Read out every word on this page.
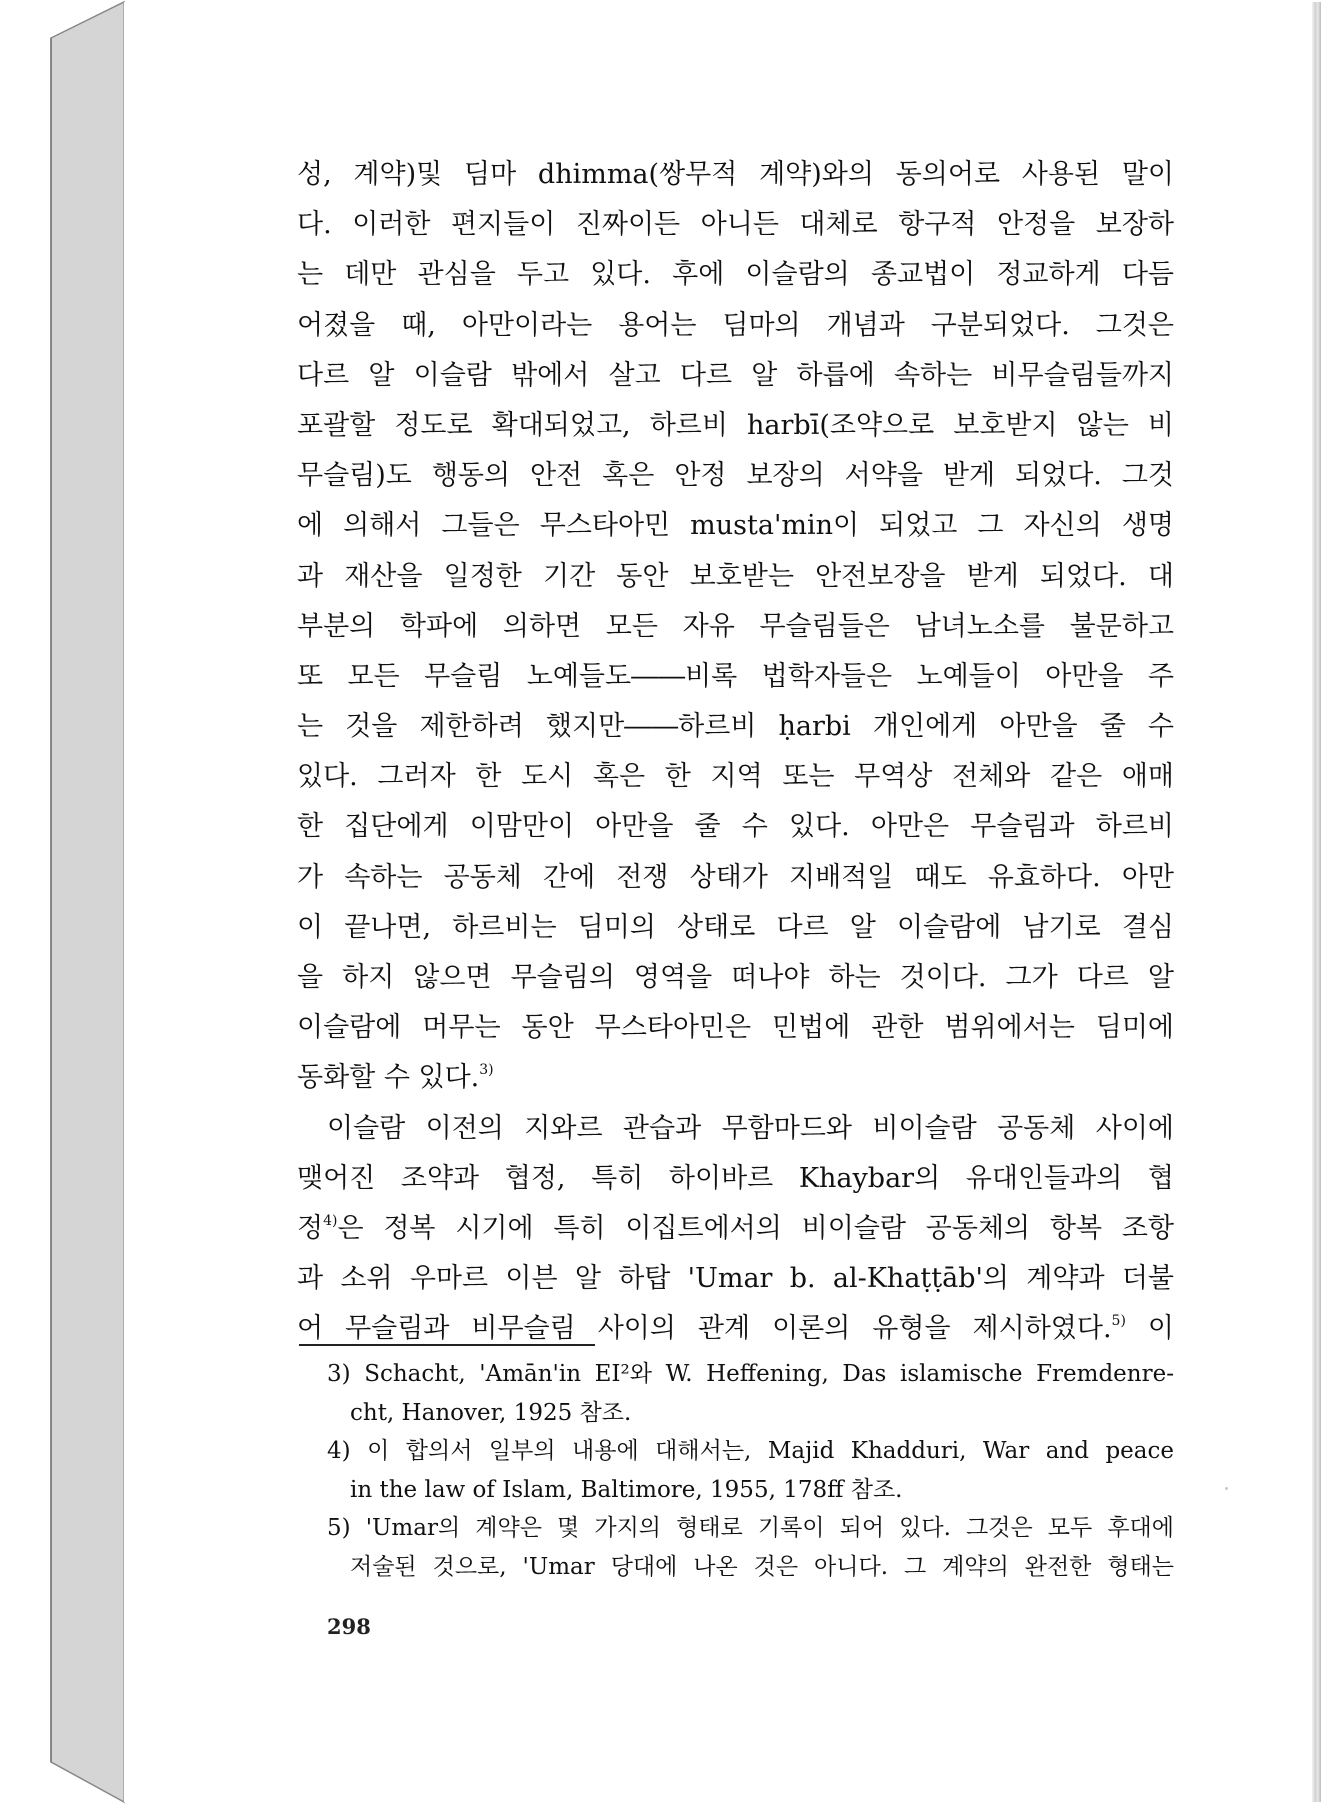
성, 계약)및 딤마 dhimma(쌍무적 계약)와의 동의어로 사용된 말이
다. 이러한 편지들이 진짜이든 아니든 대체로 항구적 안정을 보장하
는 데만 관심을 두고 있다. 후에 이슬람의 종교법이 정교하게 다듬
어졌을 때, 아만이라는 용어는 딤마의 개념과 구분되었다. 그것은
다르 알 이슬람 밖에서 살고 다르 알 하릅에 속하는 비무슬림들까지
포괄할 정도로 확대되었고, 하르비 harbī(조약으로 보호받지 않는 비
무슬림)도 행동의 안전 혹은 안정 보장의 서약을 받게 되었다. 그것
에 의해서 그들은 무스타아민 musta'min이 되었고 그 자신의 생명
과 재산을 일정한 기간 동안 보호받는 안전보장을 받게 되었다. 대
부분의 학파에 의하면 모든 자유 무슬림들은 남녀노소를 불문하고
또 모든 무슬림 노예들도――비록 법학자들은 노예들이 아만을 주
는 것을 제한하려 했지만――하르비 ḥarbi 개인에게 아만을 줄 수
있다. 그러자 한 도시 혹은 한 지역 또는 무역상 전체와 같은 애매
한 집단에게 이맘만이 아만을 줄 수 있다. 아만은 무슬림과 하르비
가 속하는 공동체 간에 전쟁 상태가 지배적일 때도 유효하다. 아만
이 끝나면, 하르비는 딤미의 상태로 다르 알 이슬람에 남기로 결심
을 하지 않으면 무슬림의 영역을 떠나야 하는 것이다. 그가 다르 알
이슬람에 머무는 동안 무스타아민은 민법에 관한 범위에서는 딤미에
동화할 수 있다.$^{3)}$
이슬람 이전의 지와르 관습과 무함마드와 비이슬람 공동체 사이에
맺어진 조약과 협정, 특히 하이바르 Khaybar의 유대인들과의 협
정$^{4)}$은 정복 시기에 특히 이집트에서의 비이슬람 공동체의 항복 조항
과 소위 우마르 이븐 알 하탑 'Umar b. al-Khaṭṭāb'의 계약과 더불
어 무슬림과 비무슬림 사이의 관계 이론의 유형을 제시하였다.$^{5)}$ 이
3) Schacht, 'Amān'in EI²와 W. Heffening, Das islamische Fremdenre-
cht, Hanover, 1925 참조.
4) 이 합의서 일부의 내용에 대해서는, Majid Khadduri, War and peace
in the law of Islam, Baltimore, 1955, 178ff 참조.
5) 'Umar의 계약은 몇 가지의 형태로 기록이 되어 있다. 그것은 모두 후대에
저술된 것으로, 'Umar 당대에 나온 것은 아니다. 그 계약의 완전한 형태는
298
